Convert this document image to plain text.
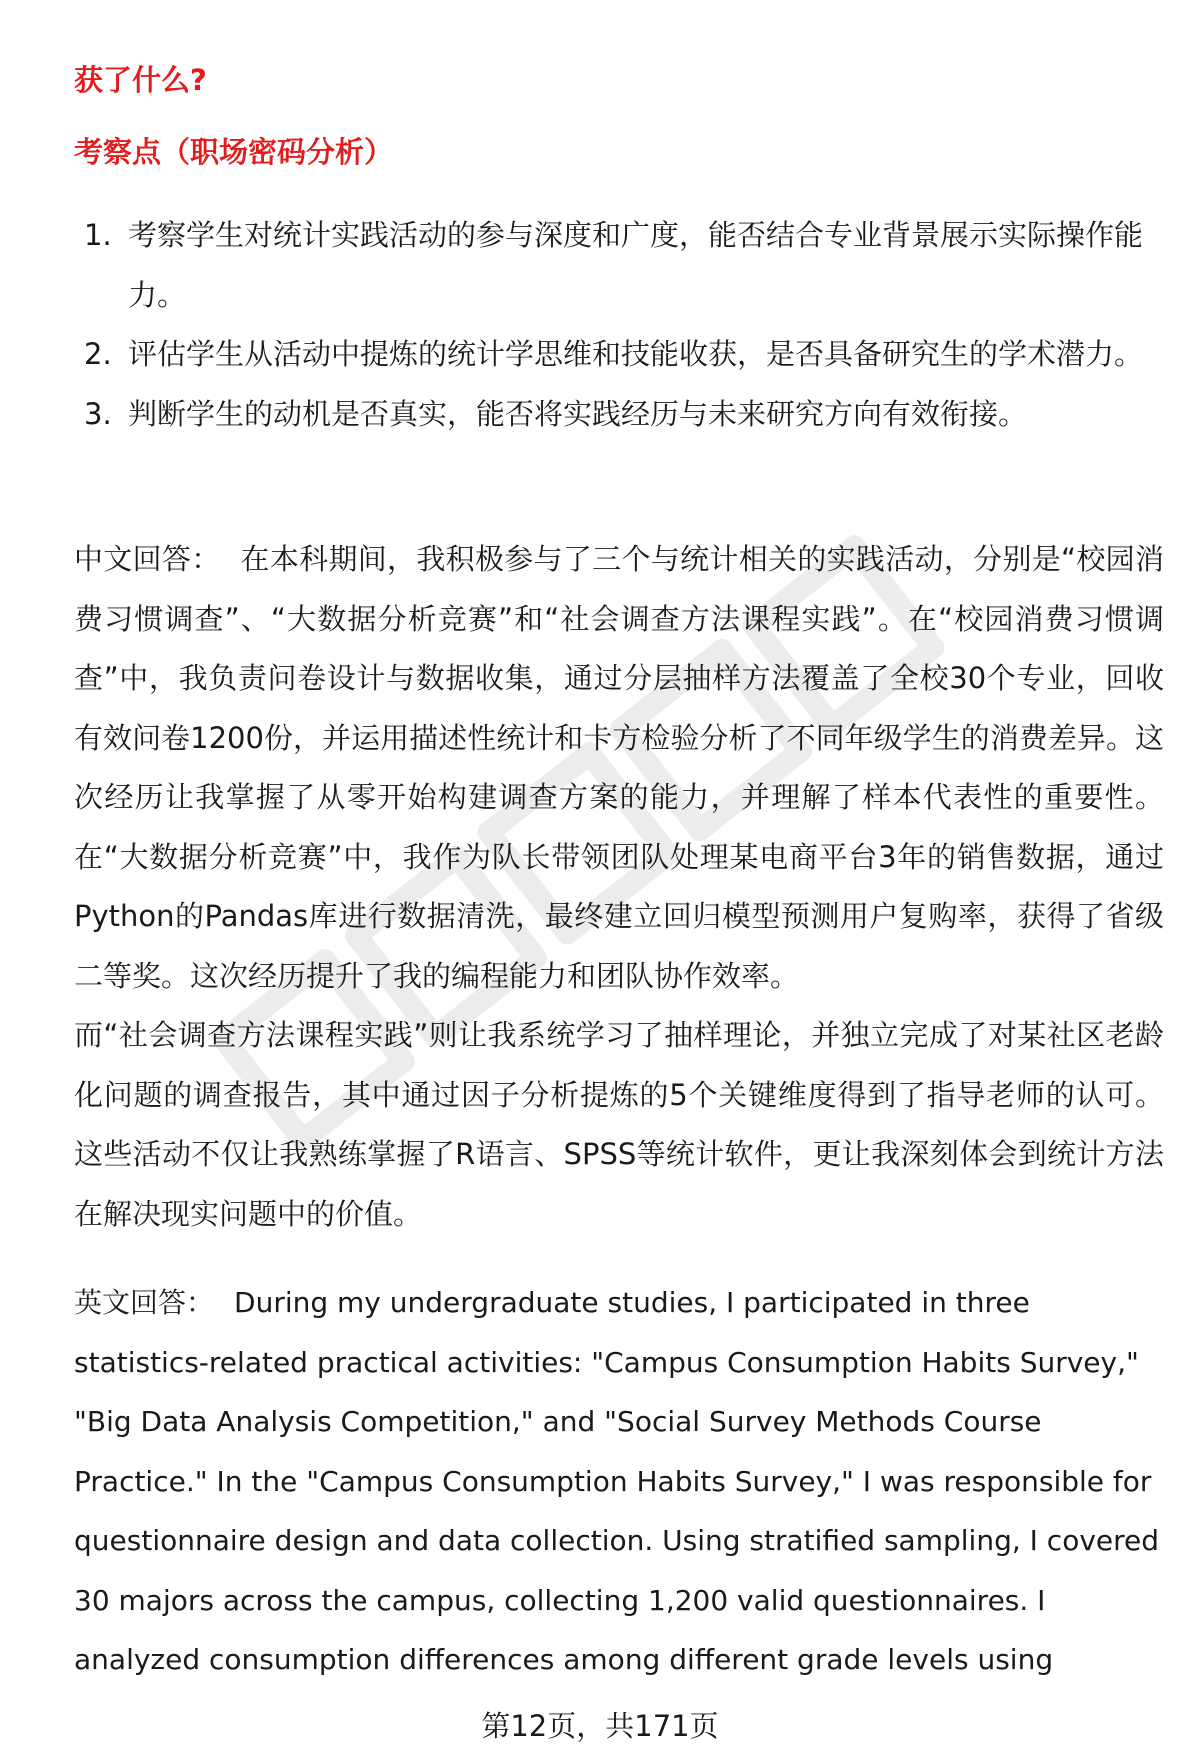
获了什么?
考察点（职场密码分析）
1. 考察学生对统计实践活动的参与深度和广度，能否结合专业背景展示实际操作能力。
2. 评估学生从活动中提炼的统计学思维和技能收获，是否具备研究生的学术潜力。
3. 判断学生的动机是否真实，能否将实践经历与未来研究方向有效衔接。

中文回答： 在本科期间，我积极参与了三个与统计相关的实践活动，分别是“校园消费习惯调查”、“大数据分析竞赛”和“社会调查方法课程实践”。在“校园消费习惯调查”中，我负责问卷设计与数据收集，通过分层抽样方法覆盖了全校30个专业，回收有效问卷1200份，并运用描述性统计和卡方检验分析了不同年级学生的消费差异。这次经历让我掌握了从零开始构建调查方案的能力，并理解了样本代表性的重要性。在“大数据分析竞赛”中，我作为队长带领团队处理某电商平台3年的销售数据，通过Python的Pandas库进行数据清洗，最终建立回归模型预测用户复购率，获得了省级二等奖。这次经历提升了我的编程能力和团队协作效率。
而“社会调查方法课程实践”则让我系统学习了抽样理论，并独立完成了对某社区老龄化问题的调查报告，其中通过因子分析提炼的5个关键维度得到了指导老师的认可。这些活动不仅让我熟练掌握了R语言、SPSS等统计软件，更让我深刻体会到统计方法在解决现实问题中的价值。

英文回答： During my undergraduate studies, I participated in three statistics-related practical activities: "Campus Consumption Habits Survey," "Big Data Analysis Competition," and "Social Survey Methods Course Practice." In the "Campus Consumption Habits Survey," I was responsible for questionnaire design and data collection. Using stratified sampling, I covered 30 majors across the campus, collecting 1,200 valid questionnaires. I analyzed consumption differences among different grade levels using

第12页，共171页
